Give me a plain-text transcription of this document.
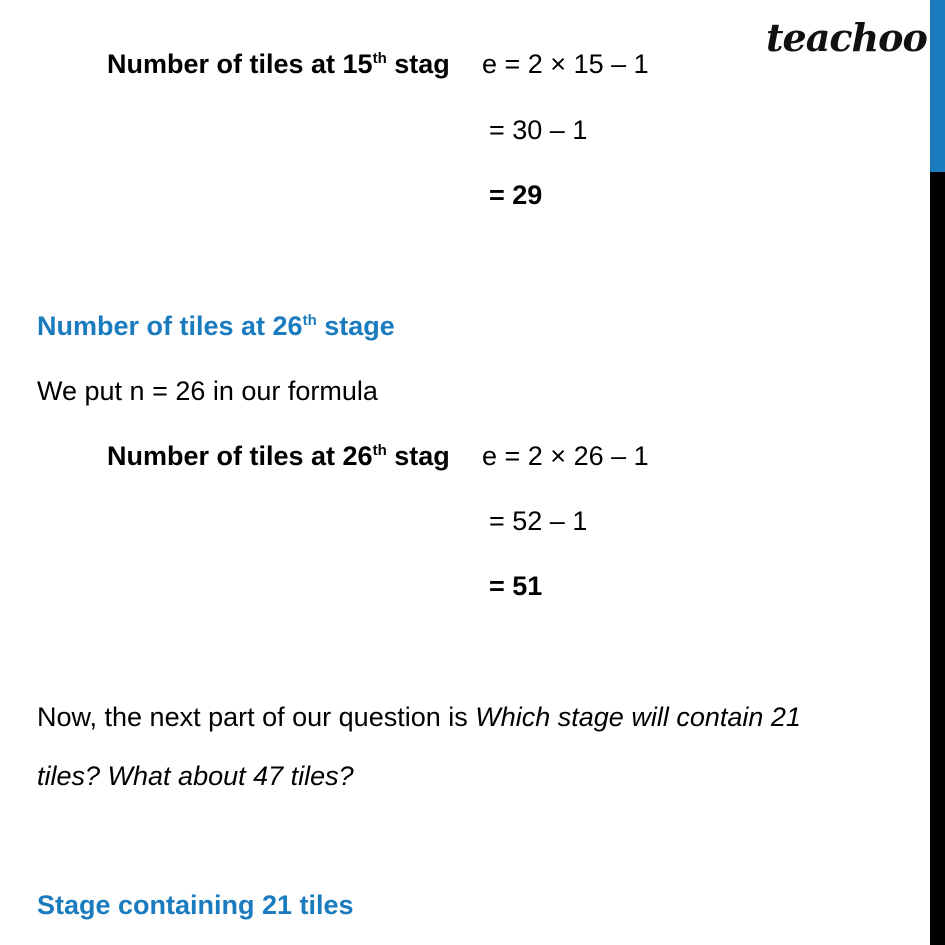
teachoo
Number of tiles at 15th stag e = 2 × 15 – 1
= 30 – 1
= 29
Number of tiles at 26th stage
We put n = 26 in our formula
Number of tiles at 26th stag e = 2 × 26 – 1
= 52 – 1
= 51
Now, the next part of our question is Which stage will contain 21
tiles? What about 47 tiles?
Stage containing 21 tiles
